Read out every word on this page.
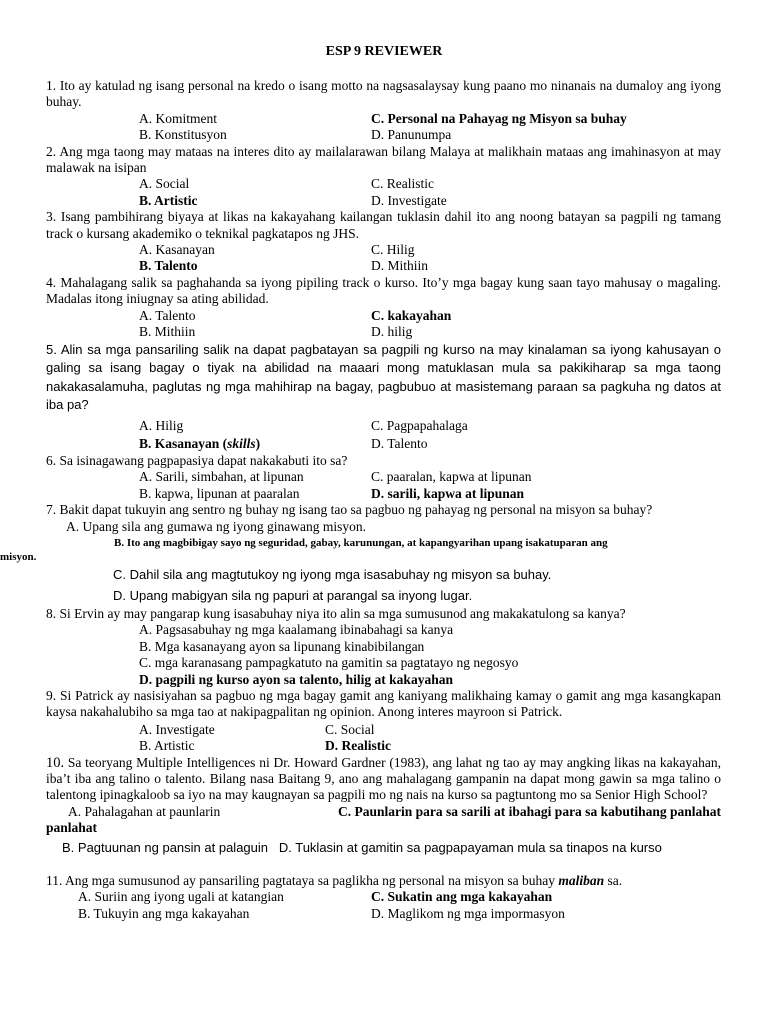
ESP 9 REVIEWER

1. Ito ay katulad ng isang personal na kredo o isang motto na nagsasalaysay kung paano mo ninanais na dumaloy ang iyong buhay.

A. Komitment	C. Personal na Pahayag ng Misyon sa buhay
B. Konstitusyon	D. Panunumpa

2. Ang mga taong may mataas na interes dito ay mailalarawan bilang Malaya at malikhain mataas ang imahinasyon at may malawak na isipan

A. Social	C. Realistic
B. Artistic	D. Investigate

3. Isang pambihirang biyaya at likas na kakayahang kailangan tuklasin dahil ito ang noong batayan sa pagpili ng tamang track o kursang akademiko o teknikal pagkatapos ng JHS.

A. Kasanayan	C. Hilig
B. Talento	D. Mithiin

4. Mahalagang salik sa paghahanda sa iyong pipiling track o kurso. Ito’y mga bagay kung saan tayo mahusay o magaling. Madalas itong iniugnay sa ating abilidad.

A. Talento	C. kakayahan
B. Mithiin	D. hilig

5. Alin sa mga pansariling salik na dapat pagbatayan sa pagpili ng kurso na may kinalaman sa iyong kahusayan o galing sa isang bagay o tiyak na abilidad na maaari mong matuklasan mula sa pakikiharap sa mga taong nakakasalamuha, paglutas ng mga mahihirap na bagay, pagbubuo at masistemang paraan sa pagkuha ng datos at iba pa?

A. Hilig	C. Pagpapahalaga
B. Kasanayan (skills)	D. Talento

6. Sa isinagawang pagpapasiya dapat nakakabuti ito sa?

A. Sarili, simbahan, at lipunan	C. paaralan, kapwa at lipunan
B. kapwa, lipunan at paaralan	D. sarili, kapwa at lipunan

7. Bakit dapat tukuyin ang sentro ng buhay ng isang tao sa pagbuo ng pahayag ng personal na misyon sa buhay?

A. Upang sila ang gumawa ng iyong ginawang misyon.
B. Ito ang magbibigay sayo ng seguridad, gabay, karunungan, at kapangyarihan upang isakatuparan ang
misyon.
C. Dahil sila ang magtutukoy ng iyong mga isasabuhay ng misyon sa buhay.
D. Upang mabigyan sila ng papuri at parangal sa inyong lugar.

8. Si Ervin ay may pangarap kung isasabuhay niya ito alin sa mga sumusunod ang makakatulong sa kanya?

A. Pagsasabuhay ng mga kaalamang ibinabahagi sa kanya
B. Mga kasanayang ayon sa lipunang kinabibilangan
C. mga karanasang pampagkatuto na gamitin sa pagtatayo ng negosyo
D. pagpili ng kurso ayon sa talento, hilig at kakayahan

9. Si Patrick ay nasisiyahan sa pagbuo ng mga bagay gamit ang kaniyang malikhaing kamay o gamit ang mga kasangkapan kaysa nakahalubiho sa mga tao at nakipagpalitan ng opinion. Anong interes mayroon si Patrick.

A. Investigate	C. Social
B. Artistic	D. Realistic

10. Sa teoryang Multiple Intelligences ni Dr. Howard Gardner (1983), ang lahat ng tao ay may angking likas na kakayahan, iba’t iba ang talino o talento. Bilang nasa Baitang 9, ano ang mahalagang gampanin na dapat mong gawin sa mga talino o talentong ipinagkaloob sa iyo na may kaugnayan sa pagpili mo ng nais na kurso sa pagtuntong mo sa Senior High School?

A. Pahalagahan at paunlarin	C. Paunlarin para sa sarili at ibahagi para sa kabutihang panlahat
panlahat
B. Pagtuunan ng pansin at palaguin D. Tuklasin at gamitin sa pagpapayaman mula sa tinapos na kurso

11. Ang mga sumusunod ay pansariling pagtataya sa paglikha ng personal na misyon sa buhay maliban sa.

A. Suriin ang iyong ugali at katangian	C. Sukatin ang mga kakayahan
B. Tukuyin ang mga kakayahan	D. Maglikom ng mga impormasyon
